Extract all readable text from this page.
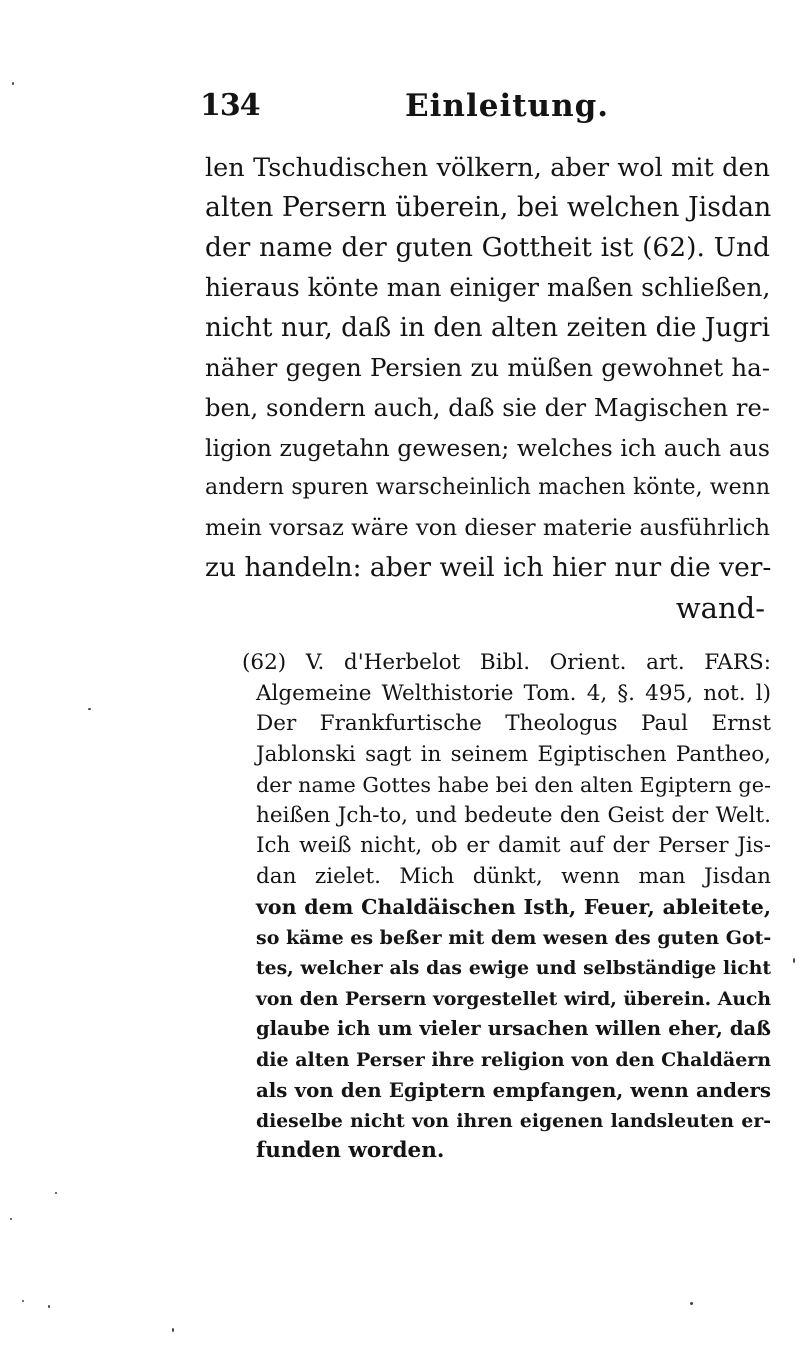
134	Einleitung.
len Tschudischen völkern, aber wol mit den
alten Persern überein, bei welchen Jisdan
der name der guten Gottheit ist (62). Und
hieraus könte man einiger maßen schließen,
nicht nur, daß in den alten zeiten die Jugri
näher gegen Persien zu müßen gewohnet ha-
ben, sondern auch, daß sie der Magischen re-
ligion zugetahn gewesen; welches ich auch aus
andern spuren warscheinlich machen könte, wenn
mein vorsaz wäre von dieser materie ausführlich
zu handeln: aber weil ich hier nur die ver-
wand-
(62) V. d'Herbelot Bibl. Orient. art. FARS:
Algemeine Welthistorie Tom. 4, §. 495, not. l)
Der Frankfurtische Theologus Paul Ernst
Jablonski sagt in seinem Egiptischen Pantheo,
der name Gottes habe bei den alten Egiptern ge-
heißen Jch-to, und bedeute den Geist der Welt.
Ich weiß nicht, ob er damit auf der Perser Jis-
dan zielet. Mich dünkt, wenn man Jisdan
von dem Chaldäischen Isth, Feuer, ableitete,
so käme es beßer mit dem wesen des guten Got-
tes, welcher als das ewige und selbständige licht
von den Persern vorgestellet wird, überein. Auch
glaube ich um vieler ursachen willen eher, daß
die alten Perser ihre religion von den Chaldäern
als von den Egiptern empfangen, wenn anders
dieselbe nicht von ihren eigenen landsleuten er-
funden worden.
